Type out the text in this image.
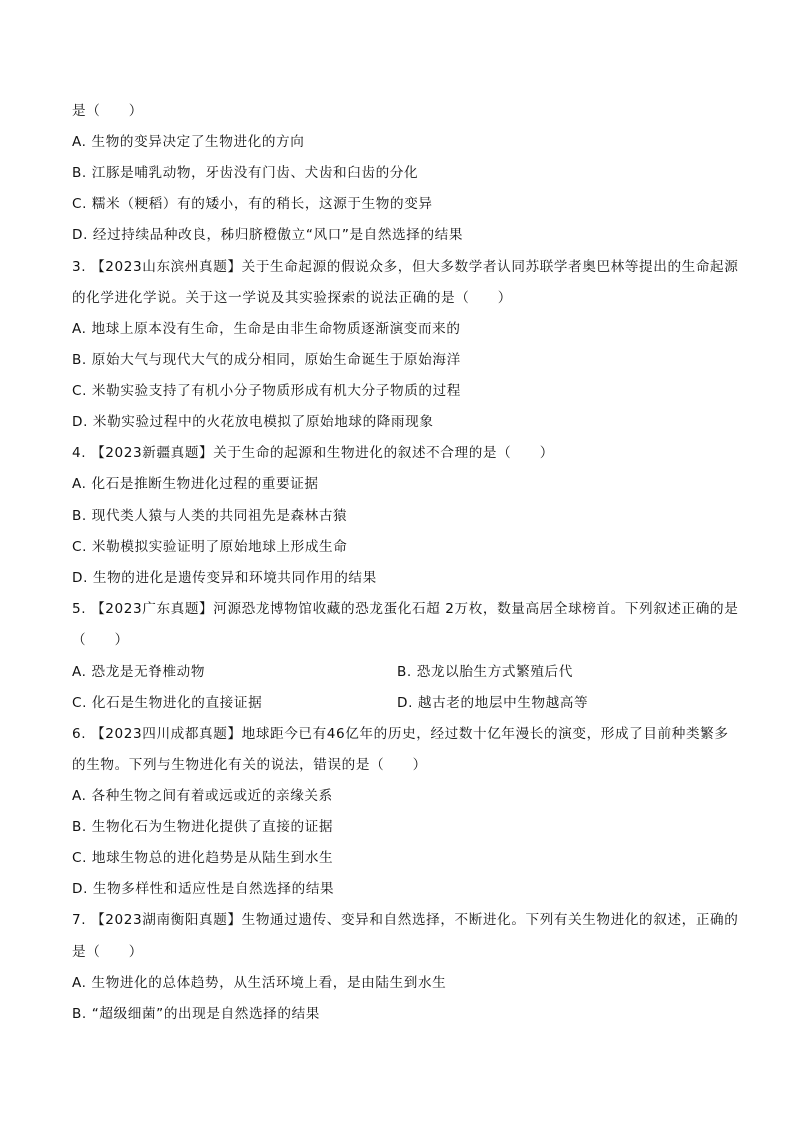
是（　　）
A. 生物的变异决定了生物进化的方向
B. 江豚是哺乳动物，牙齿没有门齿、犬齿和臼齿的分化
C. 糯米（粳稻）有的矮小，有的稍长，这源于生物的变异
D. 经过持续品种改良，秭归脐橙傲立“风口”是自然选择的结果
3. 【2023山东滨州真题】关于生命起源的假说众多，但大多数学者认同苏联学者奥巴林等提出的生命起源
的化学进化学说。关于这一学说及其实验探索的说法正确的是（　　）
A. 地球上原本没有生命，生命是由非生命物质逐渐演变而来的
B. 原始大气与现代大气的成分相同，原始生命诞生于原始海洋
C. 米勒实验支持了有机小分子物质形成有机大分子物质的过程
D. 米勒实验过程中的火花放电模拟了原始地球的降雨现象
4. 【2023新疆真题】关于生命的起源和生物进化的叙述不合理的是（　　）
A. 化石是推断生物进化过程的重要证据
B. 现代类人猿与人类的共同祖先是森林古猿
C. 米勒模拟实验证明了原始地球上形成生命
D. 生物的进化是遗传变异和环境共同作用的结果
5. 【2023广东真题】河源恐龙博物馆收藏的恐龙蛋化石超 2万枚，数量高居全球榜首。下列叙述正确的是
（　　）
A. 恐龙是无脊椎动物	B. 恐龙以胎生方式繁殖后代
C. 化石是生物进化的直接证据	D. 越古老的地层中生物越高等
6. 【2023四川成都真题】地球距今已有46亿年的历史，经过数十亿年漫长的演变，形成了目前种类繁多
的生物。下列与生物进化有关的说法，错误的是（　　）
A. 各种生物之间有着或远或近的亲缘关系
B. 生物化石为生物进化提供了直接的证据
C. 地球生物总的进化趋势是从陆生到水生
D. 生物多样性和适应性是自然选择的结果
7. 【2023湖南衡阳真题】生物通过遗传、变异和自然选择，不断进化。下列有关生物进化的叙述，正确的
是（　　）
A. 生物进化的总体趋势，从生活环境上看，是由陆生到水生
B. “超级细菌”的出现是自然选择的结果
